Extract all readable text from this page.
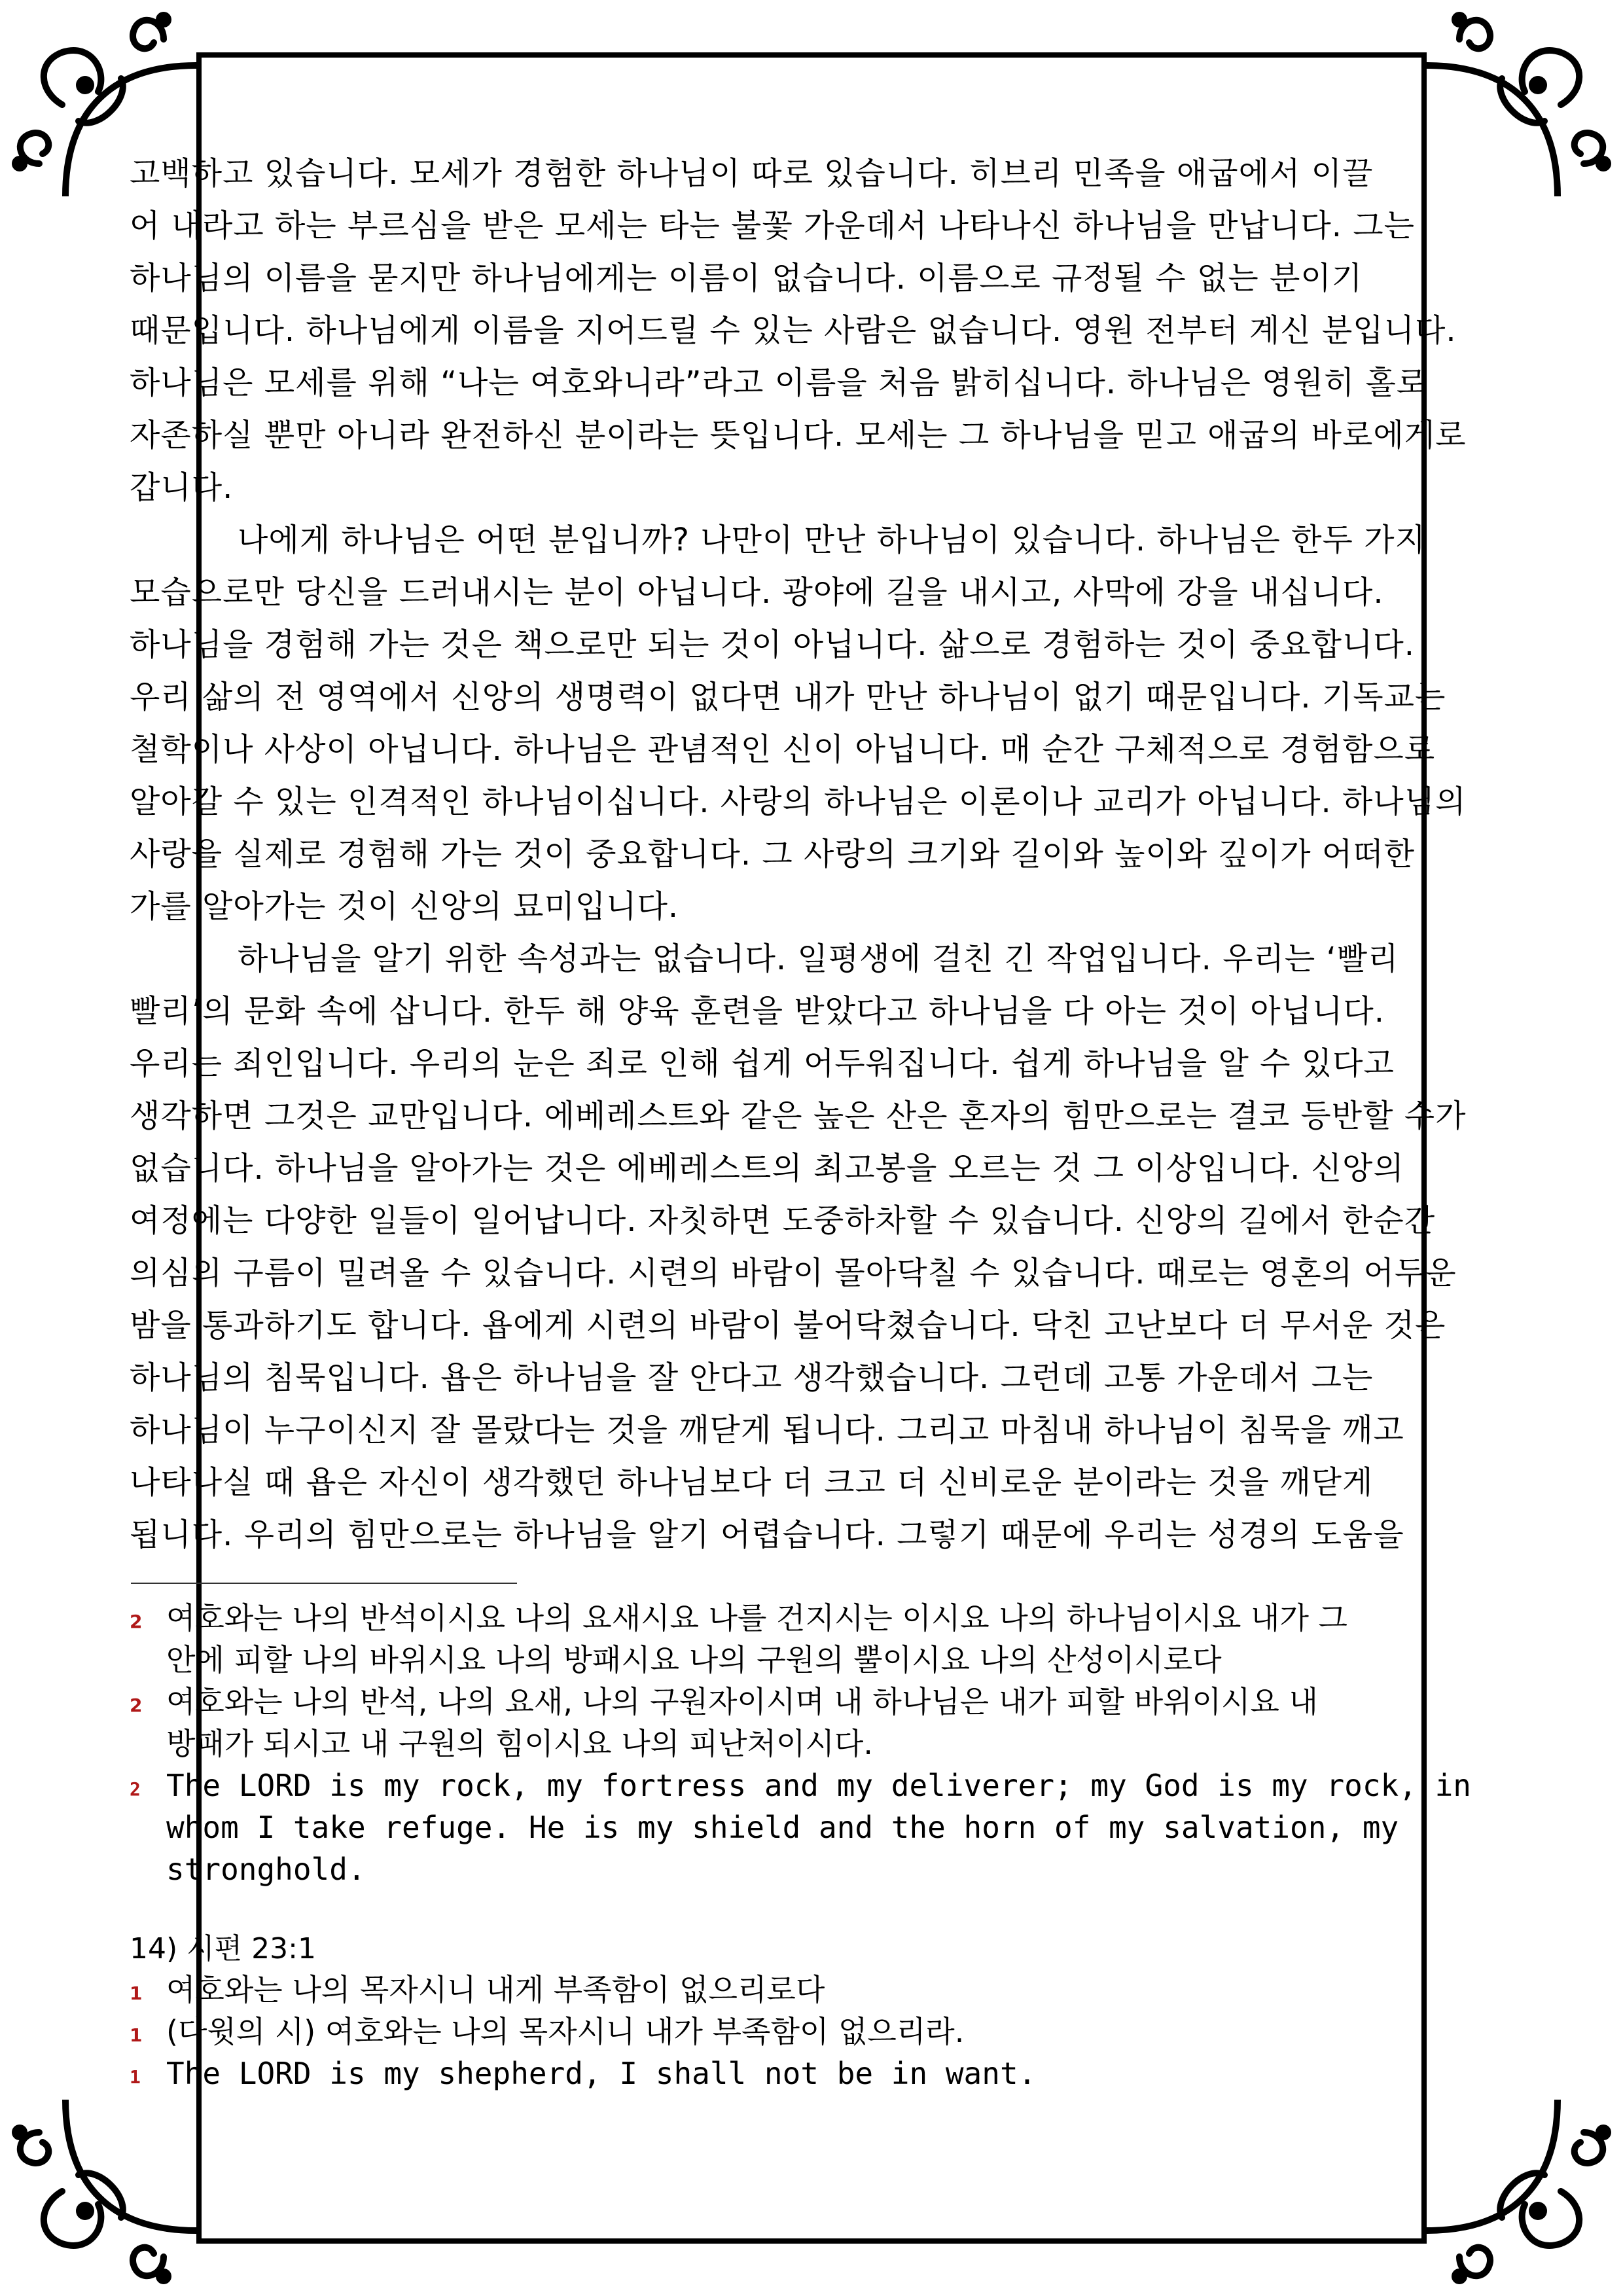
고백하고 있습니다. 모세가 경험한 하나님이 따로 있습니다. 히브리 민족을 애굽에서 이끌
어 내라고 하는 부르심을 받은 모세는 타는 불꽃 가운데서 나타나신 하나님을 만납니다. 그는
하나님의 이름을 묻지만 하나님에게는 이름이 없습니다. 이름으로 규정될 수 없는 분이기
때문입니다. 하나님에게 이름을 지어드릴 수 있는 사람은 없습니다. 영원 전부터 계신 분입니다.
하나님은 모세를 위해 “나는 여호와니라”라고 이름을 처음 밝히십니다. 하나님은 영원히 홀로
자존하실 뿐만 아니라 완전하신 분이라는 뜻입니다. 모세는 그 하나님을 믿고 애굽의 바로에게로
갑니다.

나에게 하나님은 어떤 분입니까? 나만이 만난 하나님이 있습니다. 하나님은 한두 가지
모습으로만 당신을 드러내시는 분이 아닙니다. 광야에 길을 내시고, 사막에 강을 내십니다.
하나님을 경험해 가는 것은 책으로만 되는 것이 아닙니다. 삶으로 경험하는 것이 중요합니다.
우리 삶의 전 영역에서 신앙의 생명력이 없다면 내가 만난 하나님이 없기 때문입니다. 기독교는
철학이나 사상이 아닙니다. 하나님은 관념적인 신이 아닙니다. 매 순간 구체적으로 경험함으로
알아갈 수 있는 인격적인 하나님이십니다. 사랑의 하나님은 이론이나 교리가 아닙니다. 하나님의
사랑을 실제로 경험해 가는 것이 중요합니다. 그 사랑의 크기와 길이와 높이와 깊이가 어떠한
가를 알아가는 것이 신앙의 묘미입니다.

하나님을 알기 위한 속성과는 없습니다. 일평생에 걸친 긴 작업입니다. 우리는 ‘빨리
빨리’의 문화 속에 삽니다. 한두 해 양육 훈련을 받았다고 하나님을 다 아는 것이 아닙니다.
우리는 죄인입니다. 우리의 눈은 죄로 인해 쉽게 어두워집니다. 쉽게 하나님을 알 수 있다고
생각하면 그것은 교만입니다. 에베레스트와 같은 높은 산은 혼자의 힘만으로는 결코 등반할 수가
없습니다. 하나님을 알아가는 것은 에베레스트의 최고봉을 오르는 것 그 이상입니다. 신앙의
여정에는 다양한 일들이 일어납니다. 자칫하면 도중하차할 수 있습니다. 신앙의 길에서 한순간
의심의 구름이 밀려올 수 있습니다. 시련의 바람이 몰아닥칠 수 있습니다. 때로는 영혼의 어두운
밤을 통과하기도 합니다. 욥에게 시련의 바람이 불어닥쳤습니다. 닥친 고난보다 더 무서운 것은
하나님의 침묵입니다. 욥은 하나님을 잘 안다고 생각했습니다. 그런데 고통 가운데서 그는
하나님이 누구이신지 잘 몰랐다는 것을 깨닫게 됩니다. 그리고 마침내 하나님이 침묵을 깨고
나타나실 때 욥은 자신이 생각했던 하나님보다 더 크고 더 신비로운 분이라는 것을 깨닫게
됩니다. 우리의 힘만으로는 하나님을 알기 어렵습니다. 그렇기 때문에 우리는 성경의 도움을

2 여호와는 나의 반석이시요 나의 요새시요 나를 건지시는 이시요 나의 하나님이시요 내가 그
안에 피할 나의 바위시요 나의 방패시요 나의 구원의 뿔이시요 나의 산성이시로다
2 여호와는 나의 반석, 나의 요새, 나의 구원자이시며 내 하나님은 내가 피할 바위이시요 내
방패가 되시고 내 구원의 힘이시요 나의 피난처이시다.
2 The LORD is my rock, my fortress and my deliverer; my God is my rock, in
whom I take refuge. He is my shield and the horn of my salvation, my
stronghold.
14) 시편 23:1
1 여호와는 나의 목자시니 내게 부족함이 없으리로다
1 (다윗의 시) 여호와는 나의 목자시니 내가 부족함이 없으리라.
1 The LORD is my shepherd, I shall not be in want.
